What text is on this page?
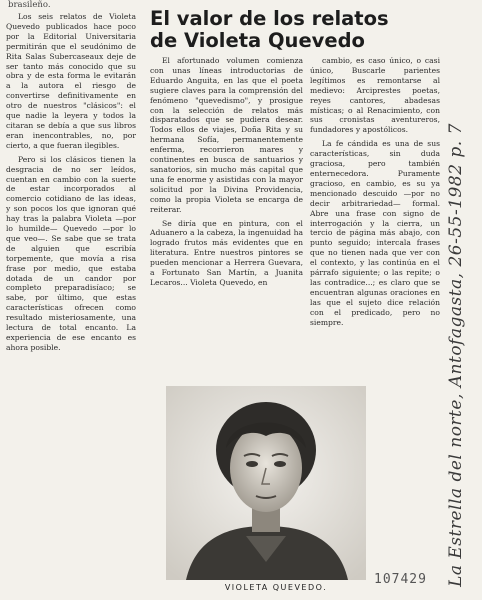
brasileño.

Los seis relatos de Violeta Quevedo publicados hace poco por la Editorial Universitaria permitirán que el seudónimo de Rita Salas Subercaseaux deje de ser tanto más conocido que su obra y de esta forma le evitarán a la autora el riesgo de convertirse definitivamente en otro de nuestros "clásicos": el que nadie la leyera y todos la citaran se debía a que sus libros eran inencontrables, no, por cierto, a que fueran ilegibles.

Pero si los clásicos tienen la desgracia de no ser leídos, cuentan en cambio con la suerte de estar incorporados al comercio cotidiano de las ideas, y son pocos los que ignoran qué hay tras la palabra Violeta —por lo humilde— Quevedo —por lo que veo—. Se sabe que se trata de alguien que escribía torpemente, que movía a risa frase por medio, que estaba dotada de un candor por completo preparadisíaco; se sabe, por último, que estas características ofrecen como resultado misteriosamente, una lectura de total encanto. La experiencia de ese encanto es ahora posible.

El valor de los relatos
de Violeta Quevedo

El afortunado volumen comienza con unas líneas introductorias de Eduardo Anguita, en las que el poeta sugiere claves para la comprensión del fenómeno "quevedismo", y prosigue con la selección de relatos más disparatados que se pudiera desear. Todos ellos de viajes, Doña Rita y su hermana Sofía, permanentemente enferma, recorrieron mares y continentes en busca de santuarios y sanatorios, sin mucho más capital que una fe enorme y asistidas con la mayor solicitud por la Divina Providencia, como la propia Violeta se encarga de reiterar.

Se diría que en pintura, con el Aduanero a la cabeza, la ingenuidad ha logrado frutos más evidentes que en literatura. Entre nuestros pintores se pueden mencionar a Herrera Guevara, a Fortunato San Martín, a Juanita Lecaros... Violeta Quevedo, en

cambio, es caso único, o casi único, Buscarle parientes legítimos es remontarse al medievo: Arciprestes poetas, reyes cantores, abadesas místicas; o al Renacimiento, con sus cronistas aventureros, fundadores y apostólicos.

La fe cándida es una de sus características, sin duda graciosa, pero también enternecedora. Puramente gracioso, en cambio, es su ya mencionado descuido —por no decir arbitrariedad— formal. Abre una frase con signo de interrogación y la cierra, un tercio de página más abajo, con punto seguido; intercala frases que no tienen nada que ver con el contexto, y las continúa en el párrafo siguiente; o las repite; o las contradice...; es claro que se encuentran algunas oraciones en las que el sujeto dice relación con el predicado, pero no siempre.

VIOLETA QUEVEDO.
La Estrella del norte, Antofagasta, 26-55-1982 p. 7
107429
